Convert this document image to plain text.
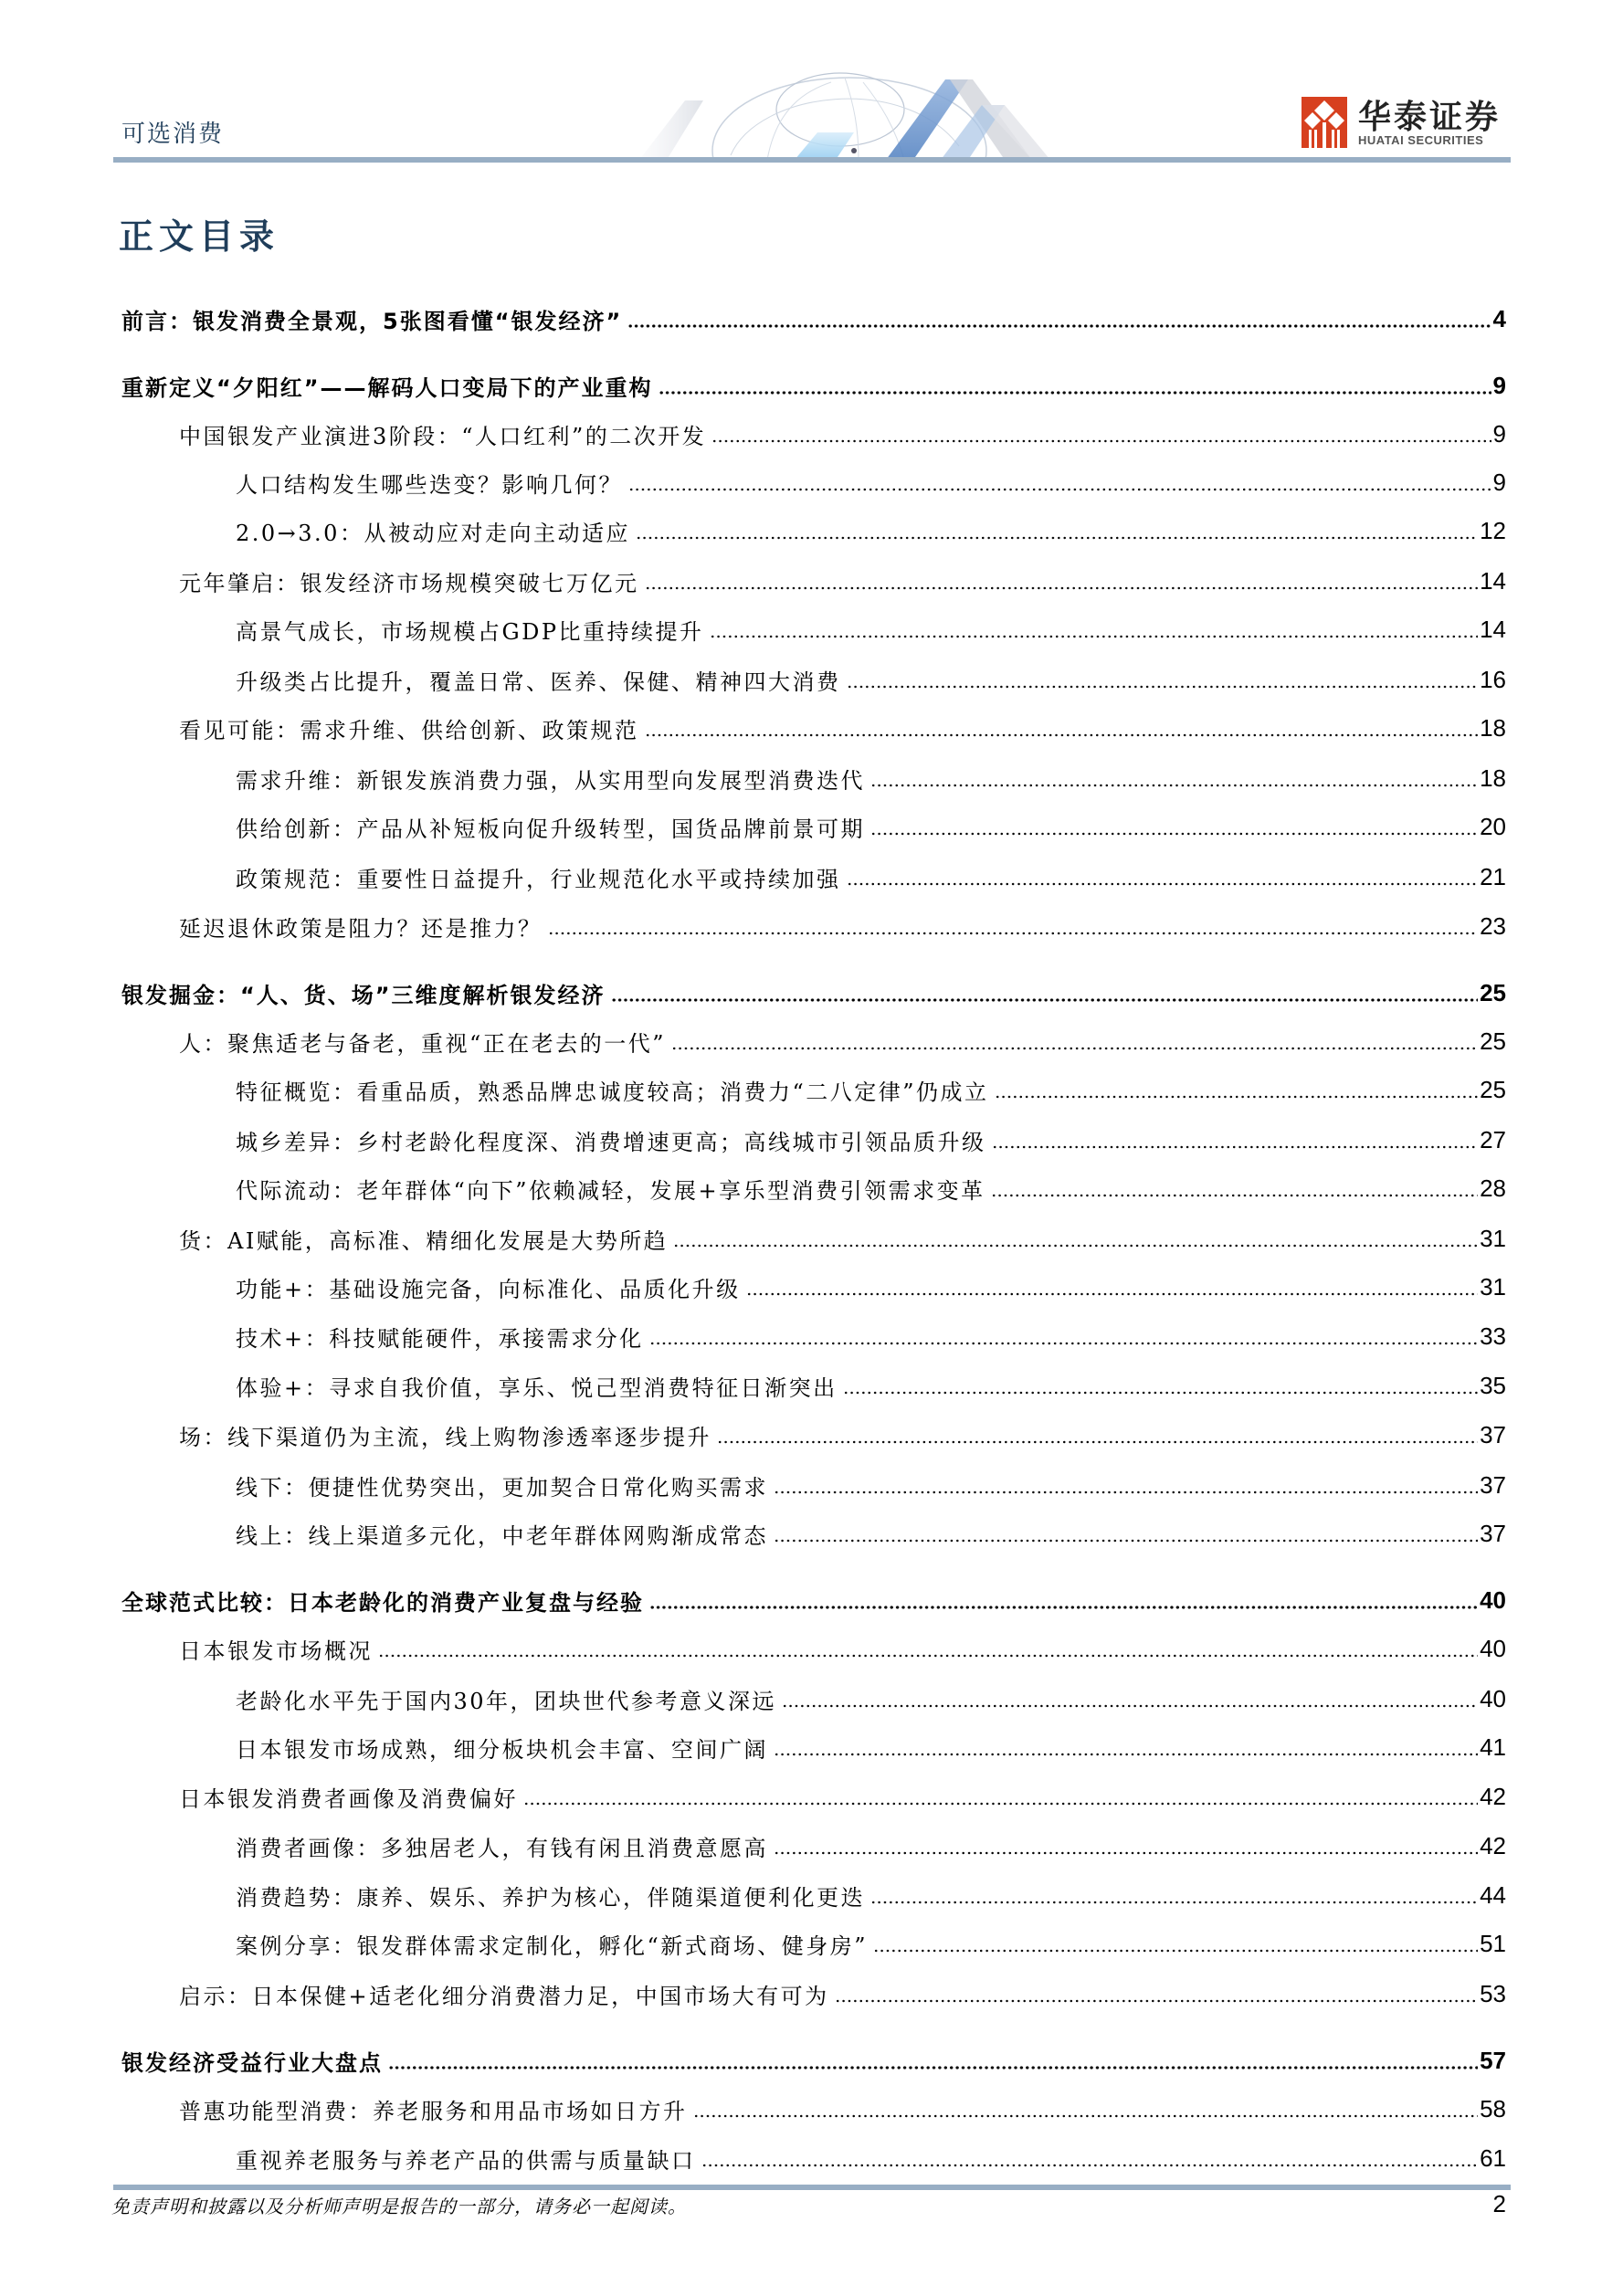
可选消费	华泰证券
HUATAI SECURITIES
正文目录
前言：银发消费全景观，5张图看懂“银发经济”	4
重新定义“夕阳红”——解码人口变局下的产业重构	9
中国银发产业演进3阶段：“人口红利”的二次开发	9
人口结构发生哪些迭变？影响几何？	9
2.0→3.0：从被动应对走向主动适应	12
元年肇启：银发经济市场规模突破七万亿元	14
高景气成长，市场规模占GDP比重持续提升	14
升级类占比提升，覆盖日常、医养、保健、精神四大消费	16
看见可能：需求升维、供给创新、政策规范	18
需求升维：新银发族消费力强，从实用型向发展型消费迭代	18
供给创新：产品从补短板向促升级转型，国货品牌前景可期	20
政策规范：重要性日益提升，行业规范化水平或持续加强	21
延迟退休政策是阻力？还是推力？	23
银发掘金：“人、货、场”三维度解析银发经济	25
人：聚焦适老与备老，重视“正在老去的一代”	25
特征概览：看重品质，熟悉品牌忠诚度较高；消费力“二八定律”仍成立	25
城乡差异：乡村老龄化程度深、消费增速更高；高线城市引领品质升级	27
代际流动：老年群体“向下”依赖减轻，发展+享乐型消费引领需求变革	28
货：AI赋能，高标准、精细化发展是大势所趋	31
功能+：基础设施完备，向标准化、品质化升级	31
技术+：科技赋能硬件，承接需求分化	33
体验+：寻求自我价值，享乐、悦己型消费特征日渐突出	35
场：线下渠道仍为主流，线上购物渗透率逐步提升	37
线下：便捷性优势突出，更加契合日常化购买需求	37
线上：线上渠道多元化，中老年群体网购渐成常态	37
全球范式比较：日本老龄化的消费产业复盘与经验	40
日本银发市场概况	40
老龄化水平先于国内30年，团块世代参考意义深远	40
日本银发市场成熟，细分板块机会丰富、空间广阔	41
日本银发消费者画像及消费偏好	42
消费者画像：多独居老人，有钱有闲且消费意愿高	42
消费趋势：康养、娱乐、养护为核心，伴随渠道便利化更迭	44
案例分享：银发群体需求定制化，孵化“新式商场、健身房”	51
启示：日本保健+适老化细分消费潜力足，中国市场大有可为	53
银发经济受益行业大盘点	57
普惠功能型消费：养老服务和用品市场如日方升	58
重视养老服务与养老产品的供需与质量缺口	61
免责声明和披露以及分析师声明是报告的一部分，请务必一起阅读。	2
